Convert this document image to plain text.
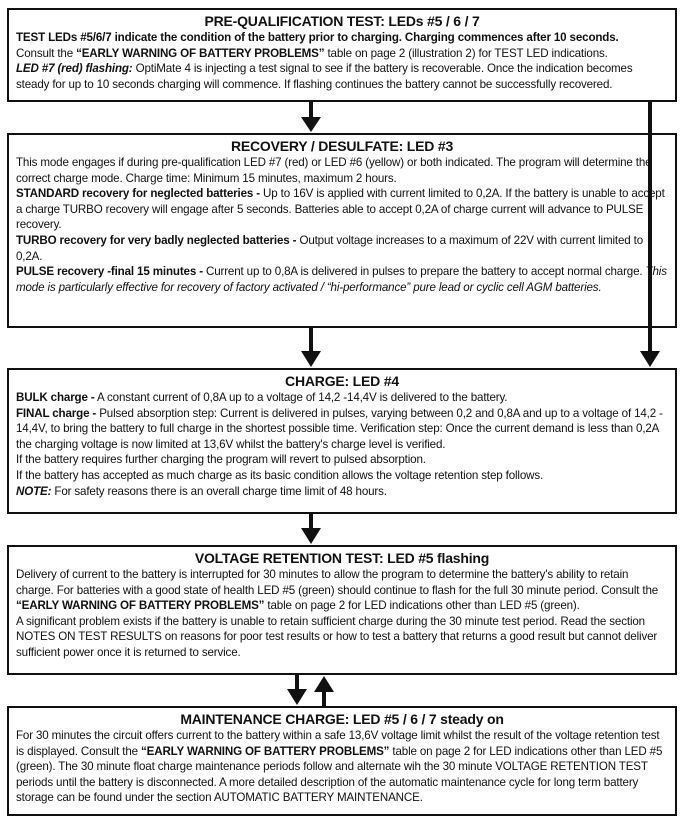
PRE-QUALIFICATION TEST: LEDs #5 / 6 / 7

TEST LEDs #5/6/7 indicate the condition of the battery prior to charging. Charging commences after 10 seconds.

Consult the “EARLY WARNING OF BATTERY PROBLEMS” table on page 2 (illustration 2) for TEST LED indications.

LED #7 (red) flashing: OptiMate 4 is injecting a test signal to see if the battery is recoverable. Once the indication becomes steady for up to 10 seconds charging will commence. If flashing continues the battery cannot be successfully recovered.

RECOVERY / DESULFATE: LED #3

This mode engages if during pre-qualification LED #7 (red) or LED #6 (yellow) or both indicated. The program will determine the correct charge mode. Charge time: Minimum 15 minutes, maximum 2 hours.

STANDARD recovery for neglected batteries - Up to 16V is applied with current limited to 0,2A. If the battery is unable to accept a charge TURBO recovery will engage after 5 seconds. Batteries able to accept 0,2A of charge current will advance to PULSE recovery.

TURBO recovery for very badly neglected batteries - Output voltage increases to a maximum of 22V with current limited to 0,2A.

PULSE recovery -final 15 minutes - Current up to 0,8A is delivered in pulses to prepare the battery to accept normal charge. This mode is particularly effective for recovery of factory activated / “hi-performance” pure lead or cyclic cell AGM batteries.

CHARGE: LED #4

BULK charge - A constant current of 0,8A up to a voltage of 14,2 -14,4V is delivered to the battery.

FINAL charge - Pulsed absorption step: Current is delivered in pulses, varying between 0,2 and 0,8A and up to a voltage of 14,2 - 14,4V, to bring the battery to full charge in the shortest possible time. Verification step: Once the current demand is less than 0,2A the charging voltage is now limited at 13,6V whilst the battery's charge level is verified.

If the battery requires further charging the program will revert to pulsed absorption.

If the battery has accepted as much charge as its basic condition allows the voltage retention step follows.

NOTE: For safety reasons there is an overall charge time limit of 48 hours.

VOLTAGE RETENTION TEST: LED #5 flashing

Delivery of current to the battery is interrupted for 30 minutes to allow the program to determine the battery's ability to retain charge. For batteries with a good state of health LED #5 (green) should continue to flash for the full 30 minute period. Consult the “EARLY WARNING OF BATTERY PROBLEMS” table on page 2 for LED indications other than LED #5 (green).

A significant problem exists if the battery is unable to retain sufficient charge during the 30 minute test period. Read the section NOTES ON TEST RESULTS on reasons for poor test results or how to test a battery that returns a good result but cannot deliver sufficient power once it is returned to service.

MAINTENANCE CHARGE: LED #5 / 6 / 7 steady on

For 30 minutes the circuit offers current to the battery within a safe 13,6V voltage limit whilst the result of the voltage retention test is displayed. Consult the “EARLY WARNING OF BATTERY PROBLEMS” table on page 2 for LED indications other than LED #5 (green). The 30 minute float charge maintenance periods follow and alternate wih the 30 minute VOLTAGE RETENTION TEST periods until the battery is disconnected. A more detailed description of the automatic maintenance cycle for long term battery storage can be found under the section AUTOMATIC BATTERY MAINTENANCE.
